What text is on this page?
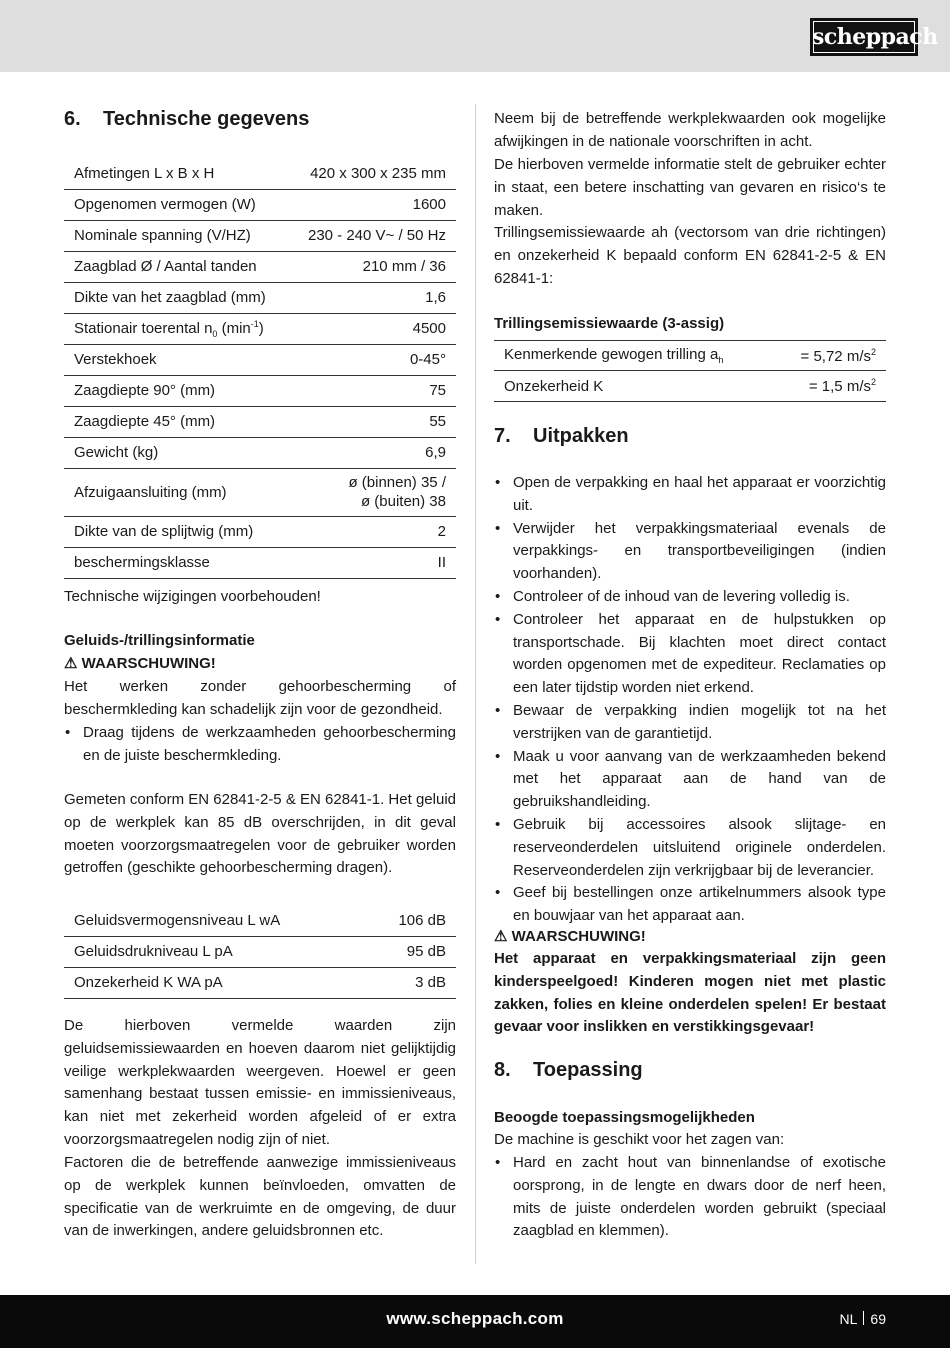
scheppach
6. Technische gegevens
Afmetingen L x B x H	420 x 300 x 235 mm
Opgenomen vermogen (W)	1600
Nominale spanning (V/HZ)	230 - 240 V~ / 50 Hz
Zaagblad Ø / Aantal tanden	210 mm / 36
Dikte van het zaagblad (mm)	1,6
Stationair toerental $n_0$ $(\min^{-1})$	4500
Verstekhoek	0-45°
Zaagdiepte 90° (mm)	75
Zaagdiepte 45° (mm)	55
Gewicht (kg)	6,9
Afzuigaansluiting (mm)	ø (binnen) 35 /
ø (buiten) 38

Dikte van de splijtwig (mm)	2
beschermingsklasse	II
Technische wijzigingen voorbehouden!
Geluids-/trillingsinformatie
⚠ WAARSCHUWING!
Het werken zonder gehoorbescherming of beschermkleding kan schadelijk zijn voor de gezondheid.
• Draag tijdens de werkzaamheden gehoorbescherming en de juiste beschermkleding.
Gemeten conform EN 62841-2-5 & EN 62841-1. Het geluid op de werkplek kan 85 dB overschrijden, in dit geval moeten voorzorgsmaatregelen voor de gebruiker worden getroffen (geschikte gehoorbescherming dragen).
Geluidsvermogensniveau L wA	106 dB
Geluidsdrukniveau L pA	95 dB
Onzekerheid K WA pA	3 dB
De hierboven vermelde waarden zijn geluidsemissiewaarden en hoeven daarom niet gelijktijdig veilige werkplekwaarden weergeven. Hoewel er geen samenhang bestaat tussen emissie- en immissieniveaus, kan niet met zekerheid worden afgeleid of er extra voorzorgsmaatregelen nodig zijn of niet.
Factoren die de betreffende aanwezige immissieniveaus op de werkplek kunnen beïnvloeden, omvatten de specificatie van de werkruimte en de omgeving, de duur van de inwerkingen, andere geluidsbronnen etc.
Neem bij de betreffende werkplekwaarden ook mogelijke afwijkingen in de nationale voorschriften in acht.
De hierboven vermelde informatie stelt de gebruiker echter in staat, een betere inschatting van gevaren en risico‘s te maken.
Trillingsemissiewaarde ah (vectorsom van drie richtingen) en onzekerheid K bepaald conform EN 62841-2-5 & EN 62841-1:
Trillingsemissiewaarde (3-assig)
Kenmerkende gewogen trilling $a_h$	= 5,72 $m/s^2$
Onzekerheid K	= 1,5 $m/s^2$
7. Uitpakken
• Open de verpakking en haal het apparaat er voorzichtig uit.
• Verwijder het verpakkingsmateriaal evenals de verpakkings- en transportbeveiligingen (indien voorhanden).
• Controleer of de inhoud van de levering volledig is.
• Controleer het apparaat en de hulpstukken op transportschade. Bij klachten moet direct contact worden opgenomen met de expediteur. Reclamaties op een later tijdstip worden niet erkend.
• Bewaar de verpakking indien mogelijk tot na het verstrijken van de garantietijd.
• Maak u voor aanvang van de werkzaamheden bekend met het apparaat aan de hand van de gebruikshandleiding.
• Gebruik bij accessoires alsook slijtage- en reserveonderdelen uitsluitend originele onderdelen. Reserveonderdelen zijn verkrijgbaar bij de leverancier.
• Geef bij bestellingen onze artikelnummers alsook type en bouwjaar van het apparaat aan.
⚠ WAARSCHUWING!
Het apparaat en verpakkingsmateriaal zijn geen kinderspeelgoed! Kinderen mogen niet met plastic zakken, folies en kleine onderdelen spelen! Er bestaat gevaar voor inslikken en verstikkingsgevaar!
8. Toepassing
Beoogde toepassingsmogelijkheden
De machine is geschikt voor het zagen van:
• Hard en zacht hout van binnenlandse of exotische oorsprong, in de lengte en dwars door de nerf heen, mits de juiste onderdelen worden gebruikt (speciaal zaagblad en klemmen).
www.scheppach.com	NL 69
